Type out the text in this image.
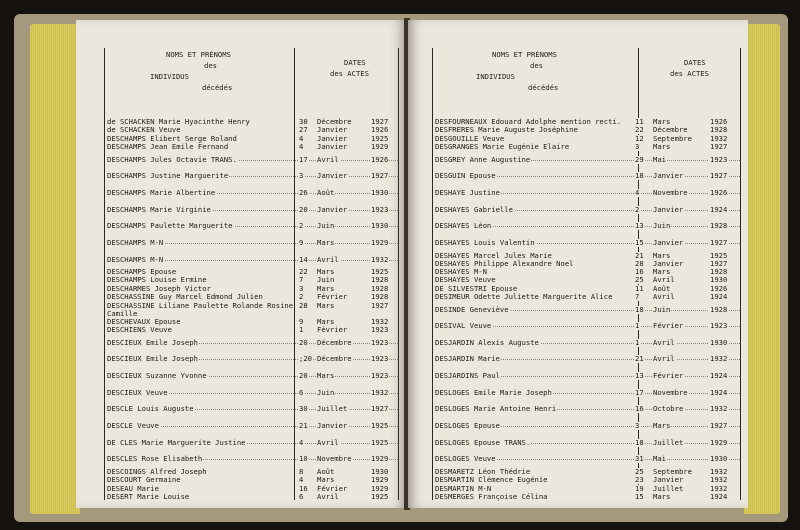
NOMS ET PRÉNOMS
des
INDIVIDUS
décédés
DATES
des ACTES
de SCHACKEN Marie Hyacinthe Henry	30 Décembre	1927
de SCHACKEN Veuve	27 Janvier	1926
DESCHAMPS Elibert Serge Roland	4 Janvier	1925
DESCHAMPS Jean Emile Fernand	4 Janvier	1929
DESCHAMPS Jules Octavie TRANS.	17 Avril	1926
DESCHAMPS Justine Marguerite	3 Janvier	1927
DESCHAMPS Marie Albertine	26 Août	1930
DESCHAMPS Marie Virginie	20 Janvier	1923
DESCHAMPS Paulette Marguerite	2 Juin	1930
DESCHAMPS M-N	9 Mars	1929
DESCHAMPS M-N	14 Avril	1932
DESCHAMPS Epouse	22 Mars	1925
DESCHAMPS Louise Ermine	7 Juin	1928
DESCHARMES Joseph Victor	3 Mars	1928
DESCHASSINE Guy Marcel Edmond Julien	2 Février	1928
DESCHASSINE Liliane Paulette Rolande Rosine 28 Mars	1927
Camille
DESCHEVAUX Epouse	9 Mars	1932
DESCHIENS Veuve	1 Février	1923
DESCIEUX Emile Joseph	20 Décembre	1923
DESCIEUX Emile Joseph	;20 Décembre	1923
DESCIEUX Suzanne Yvonne	20 Mars	1923
DESCIEUX Veuve	6 Juin	1932
DESCLE Louis Auguste	30 Juillet	1927
DESCLE Veuve	21 Janvier	1925
DE CLES Marie Marguerite Justine	4 Avril	1925
DESCLES Rose Elisabeth	10 Novembre	1929
DESCOINGS Alfred Joseph	8 Août	1930
DESCOURT Germaine	4 Mars	1929
DESEAU Marie	16 Février	1929
DESERT Marie Louise	6 Avril	1925
NOMS ET PRÉNOMS
des
INDIVIDUS
décédés
DATES
des ACTES
DESFOURNEAUX Edouard Adolphe mention recti. 11 Mars	1926
DESFRERES Marie Auguste Joséphine	22 Décembre	1928
DESGOUILLE Veuve	12 Septembre	1932
DESGRANGES Marie Eugénie Elaire	3 Mars	1927
DESGREY Anne Augustine	29 Mai	1923
DESGUIN Epouse	18 Janvier	1927
DESHAYE Justine	4 Novembre	1926
DESHAYES Gabrielle	2 Janvier	1924
DESHAYES Léon	13 Juin	1928
DESHAYES Louis Valentin	15 Janvier	1927
DESHAYES Marcel Jules Marie	21 Mars	1925
DESHAYES Philippe Alexandre Noel	28 Janvier	1927
DESHAYES M-N	16 Mars	1928
DESHAYES Veuve	25 Avril	1930
DE SILVESTRI Epouse	11 Août	1926
DESIMEUR Odette Juliette Marguerite Alice	7 Avril	1924
DESINDE Geneviève	18 Juin	1928
DESIVAL Veuve	1 Février	1923
DESJARDIN Alexis Auguste	1 Avril	1930
DESJARDIN Marie	21 Avril	1932
DESJARDINS Paul	13 Février	1924
DESLOGES Emile Marie Joseph	17 Novembre	1924
DESLOGES Marie Antoine Henri	16 Octobre	1932
DESLOGES Epouse	3 Mars	1927
DESLOGES Epouse TRANS.	18 Juillet	1929
DESLOGES Veuve	31 Mai	1930
DESMARETZ Léon Thédrie	25 Septembre	1932
DESMARTIN Clémence Eugénie	23 Janvier	1932
DESMARTIN M-N	19 Juillet	1932
DESMERGES Françoise Célina	15 Mars	1924
